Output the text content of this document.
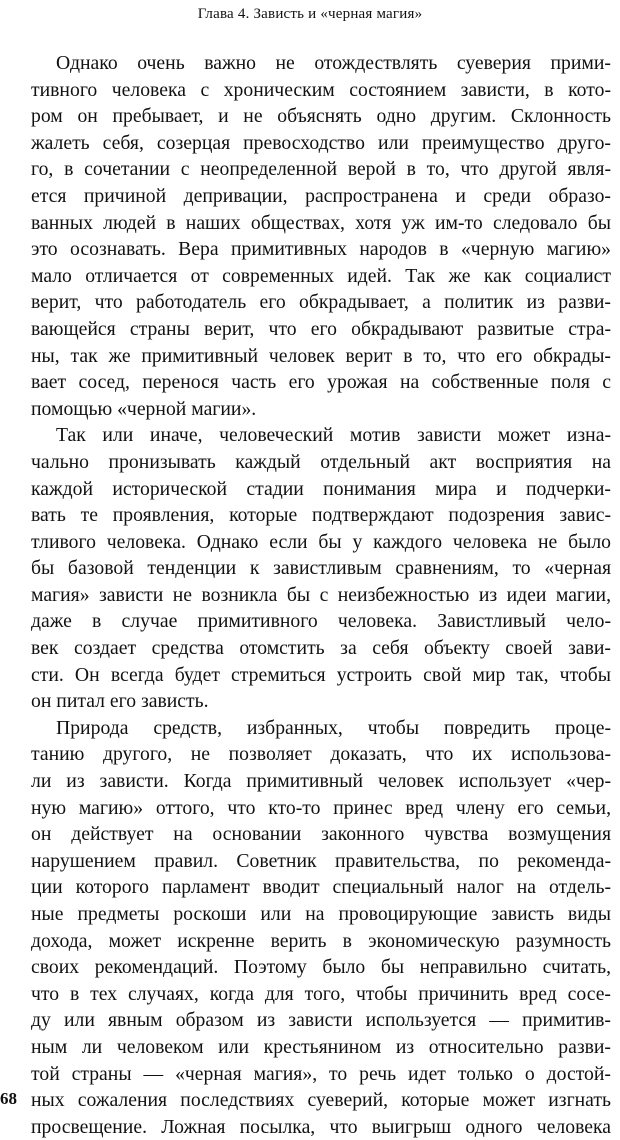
Глава 4. Зависть и «черная магия»
Однако очень важно не отождествлять суеверия прими-
тивного человека с хроническим состоянием зависти, в кото-
ром он пребывает, и не объяснять одно другим. Склонность
жалеть себя, созерцая превосходство или преимущество друго-
го, в сочетании с неопределенной верой в то, что другой явля-
ется причиной депривации, распространена и среди образо-
ванных людей в наших обществах, хотя уж им-то следовало бы
это осознавать. Вера примитивных народов в «черную магию»
мало отличается от современных идей. Так же как социалист
верит, что работодатель его обкрадывает, а политик из разви-
вающейся страны верит, что его обкрадывают развитые стра-
ны, так же примитивный человек верит в то, что его обкрады-
вает сосед, перенося часть его урожая на собственные поля с
помощью «черной магии».
Так или иначе, человеческий мотив зависти может изна-
чально пронизывать каждый отдельный акт восприятия на
каждой исторической стадии понимания мира и подчерки-
вать те проявления, которые подтверждают подозрения завис-
тливого человека. Однако если бы у каждого человека не было
бы базовой тенденции к завистливым сравнениям, то «черная
магия» зависти не возникла бы с неизбежностью из идеи магии,
даже в случае примитивного человека. Завистливый чело-
век создает средства отомстить за себя объекту своей зави-
сти. Он всегда будет стремиться устроить свой мир так, чтобы
он питал его зависть.
Природа средств, избранных, чтобы повредить проце-
танию другого, не позволяет доказать, что их использова-
ли из зависти. Когда примитивный человек использует «чер-
ную магию» оттого, что кто-то принес вред члену его семьи,
он действует на основании законного чувства возмущения
нарушением правил. Советник правительства, по рекоменда-
ции которого парламент вводит специальный налог на отдель-
ные предметы роскоши или на провоцирующие зависть виды
дохода, может искренне верить в экономическую разумность
своих рекомендаций. Поэтому было бы неправильно считать,
что в тех случаях, когда для того, чтобы причинить вред сосе-
ду или явным образом из зависти используется — примитив-
ным ли человеком или крестьянином из относительно разви-
той страны — «черная магия», то речь идет только о достой-
ных сожаления последствиях суеверий, которые может изгнать
просвещение. Ложная посылка, что выигрыш одного человека
68
